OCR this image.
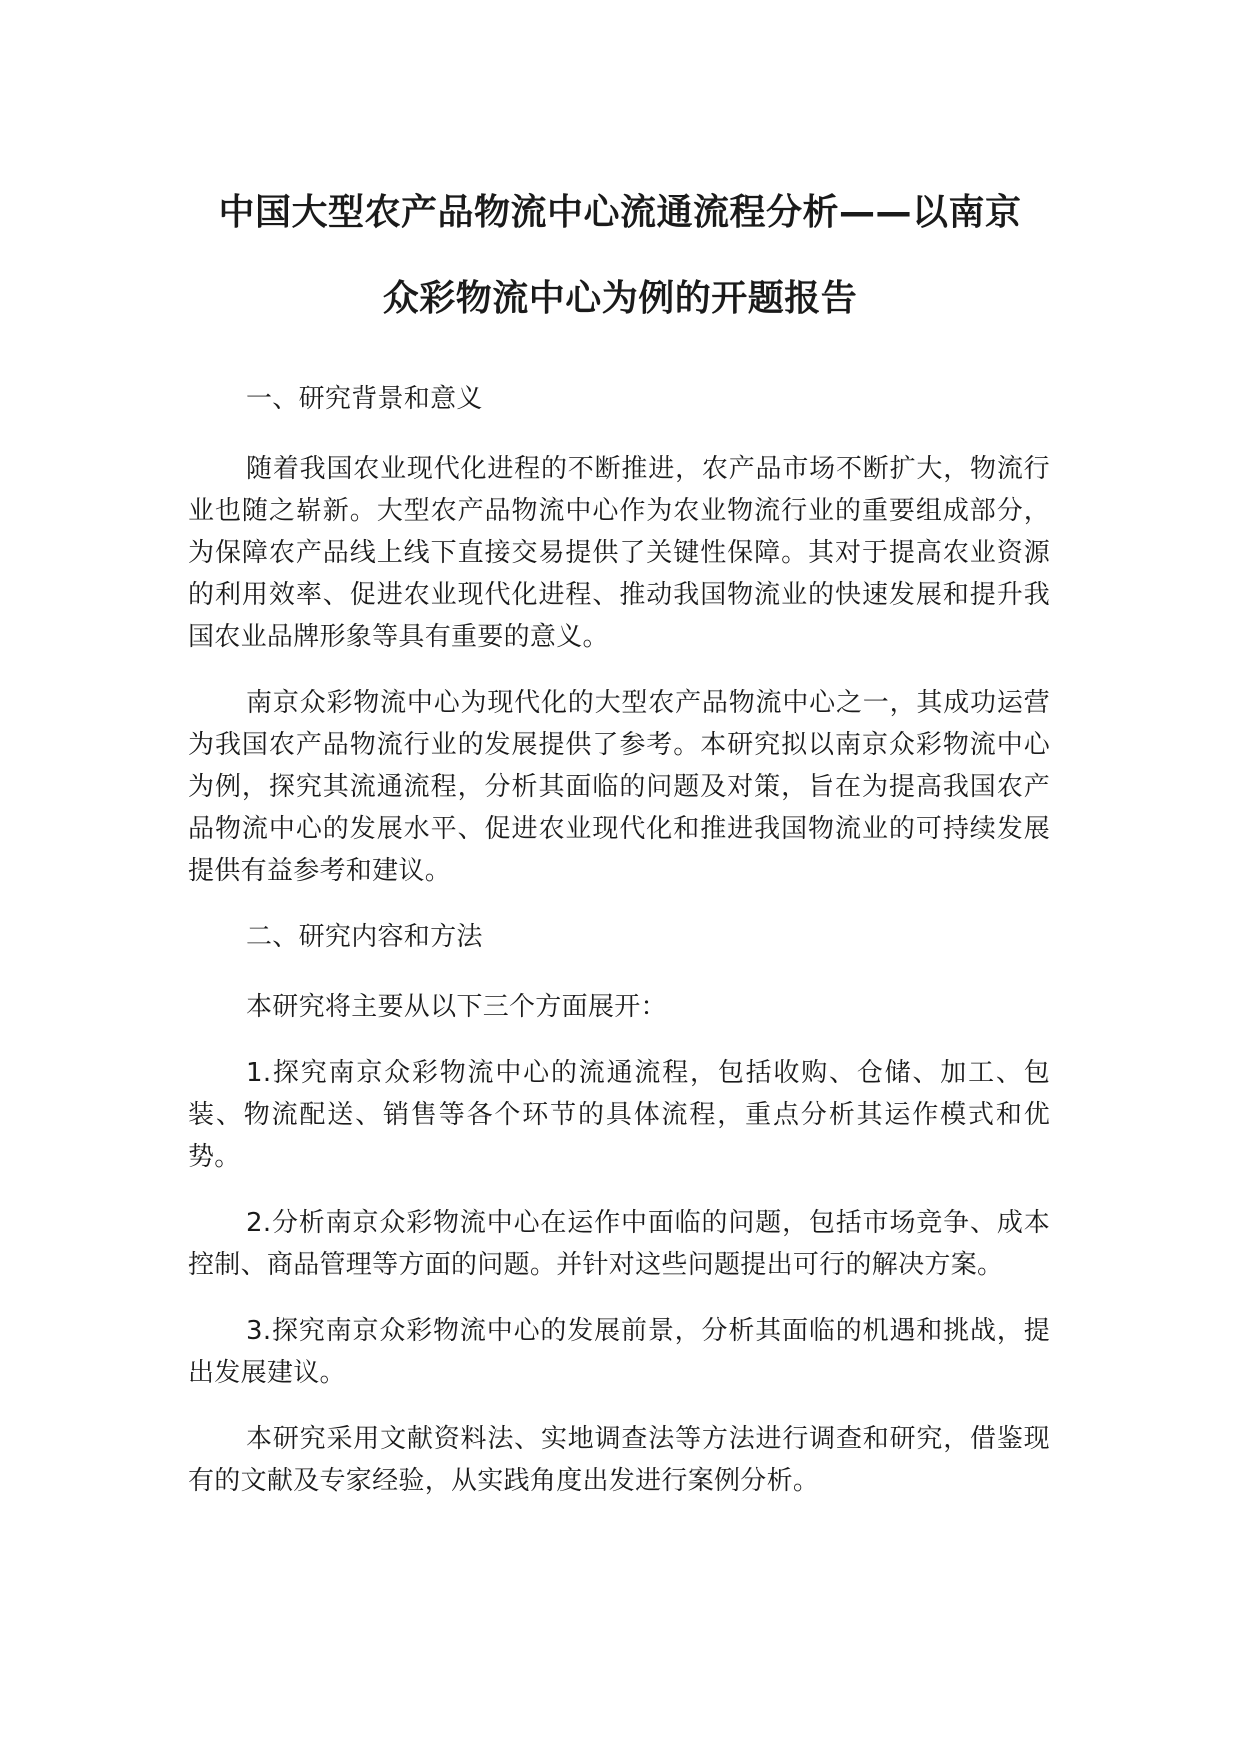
中国大型农产品物流中心流通流程分析——以南京
众彩物流中心为例的开题报告

一、研究背景和意义

随着我国农业现代化进程的不断推进，农产品市场不断扩大，物流行业也随之崭新。大型农产品物流中心作为农业物流行业的重要组成部分，为保障农产品线上线下直接交易提供了关键性保障。其对于提高农业资源的利用效率、促进农业现代化进程、推动我国物流业的快速发展和提升我国农业品牌形象等具有重要的意义。

南京众彩物流中心为现代化的大型农产品物流中心之一，其成功运营为我国农产品物流行业的发展提供了参考。本研究拟以南京众彩物流中心为例，探究其流通流程，分析其面临的问题及对策，旨在为提高我国农产品物流中心的发展水平、促进农业现代化和推进我国物流业的可持续发展提供有益参考和建议。

二、研究内容和方法

本研究将主要从以下三个方面展开：

1.探究南京众彩物流中心的流通流程，包括收购、仓储、加工、包装、物流配送、销售等各个环节的具体流程，重点分析其运作模式和优势。

2.分析南京众彩物流中心在运作中面临的问题，包括市场竞争、成本控制、商品管理等方面的问题。并针对这些问题提出可行的解决方案。

3.探究南京众彩物流中心的发展前景，分析其面临的机遇和挑战，提出发展建议。

本研究采用文献资料法、实地调查法等方法进行调查和研究，借鉴现有的文献及专家经验，从实践角度出发进行案例分析。
